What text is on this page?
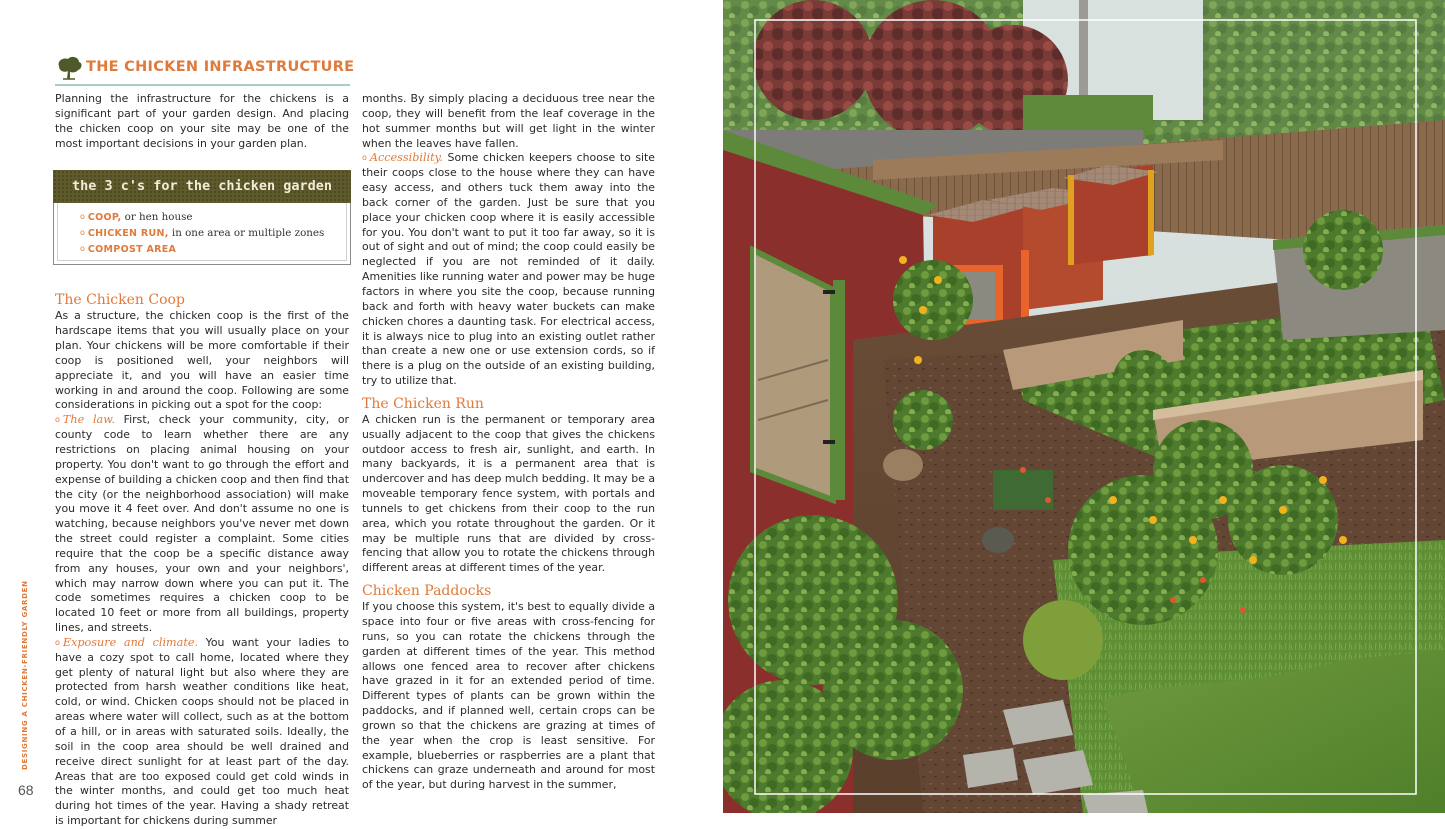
THE CHICKEN INFRASTRUCTURE

Planning the infrastructure for the chickens is a significant part of your garden design. And placing the chicken coop on your site may be one of the most important decisions in your garden plan.

The Chicken Coop

As a structure, the chicken coop is the first of the hardscape items that you will usually place on your plan. Your chickens will be more comfortable if their coop is positioned well, your neighbors will appreciate it, and you will have an easier time working in and around the coop. Following are some considerations in picking out a spot for the coop:

o The law. First, check your community, city, or county code to learn whether there are any restrictions on placing animal housing on your property. You don't want to go through the effort and expense of building a chicken coop and then find that the city (or the neighborhood association) will make you move it 4 feet over. And don't assume no one is watching, because neighbors you've never met down the street could register a complaint. Some cities require that the coop be a specific distance away from any houses, your own and your neighbors', which may narrow down where you can put it. The code sometimes requires a chicken coop to be located 10 feet or more from all buildings, property lines, and streets.

o Exposure and climate. You want your ladies to have a cozy spot to call home, located where they get plenty of natural light but also where they are protected from harsh weather conditions like heat, cold, or wind. Chicken coops should not be placed in areas where water will collect, such as at the bottom of a hill, or in areas with saturated soils. Ideally, the soil in the coop area should be well drained and receive direct sunlight for at least part of the day. Areas that are too exposed could get cold winds in the winter months, and could get too much heat during hot times of the year. Having a shady retreat is important for chickens during summer

the 3 c's for the chicken garden
o COOP, or hen house
o CHICKEN RUN, in one area or multiple zones
o COMPOST AREA

months. By simply placing a deciduous tree near the coop, they will benefit from the leaf coverage in the hot summer months but will get light in the winter when the leaves have fallen.

o Accessibility. Some chicken keepers choose to site their coops close to the house where they can have easy access, and others tuck them away into the back corner of the garden. Just be sure that you place your chicken coop where it is easily accessible for you. You don't want to put it too far away, so it is out of sight and out of mind; the coop could easily be neglected if you are not reminded of it daily. Amenities like running water and power may be huge factors in where you site the coop, because running back and forth with heavy water buckets can make chicken chores a daunting task. For electrical access, it is always nice to plug into an existing outlet rather than create a new one or use extension cords, so if there is a plug on the outside of an existing building, try to utilize that.

The Chicken Run

A chicken run is the permanent or temporary area usually adjacent to the coop that gives the chickens outdoor access to fresh air, sunlight, and earth. In many backyards, it is a permanent area that is undercover and has deep mulch bedding. It may be a moveable temporary fence system, with portals and tunnels to get chickens from their coop to the run area, which you rotate throughout the garden. Or it may be multiple runs that are divided by cross-fencing that allow you to rotate the chickens through different areas at different times of the year.

Chicken Paddocks

If you choose this system, it's best to equally divide a space into four or five areas with cross-fencing for runs, so you can rotate the chickens through the garden at different times of the year. This method allows one fenced area to recover after chickens have grazed in it for an extended period of time. Different types of plants can be grown within the paddocks, and if planned well, certain crops can be grown so that the chickens are grazing at times of the year when the crop is least sensitive. For example, blueberries or raspberries are a plant that chickens can graze underneath and around for most of the year, but during harvest in the summer,

DESIGNING A CHICKEN-FRIENDLY GARDEN
68
